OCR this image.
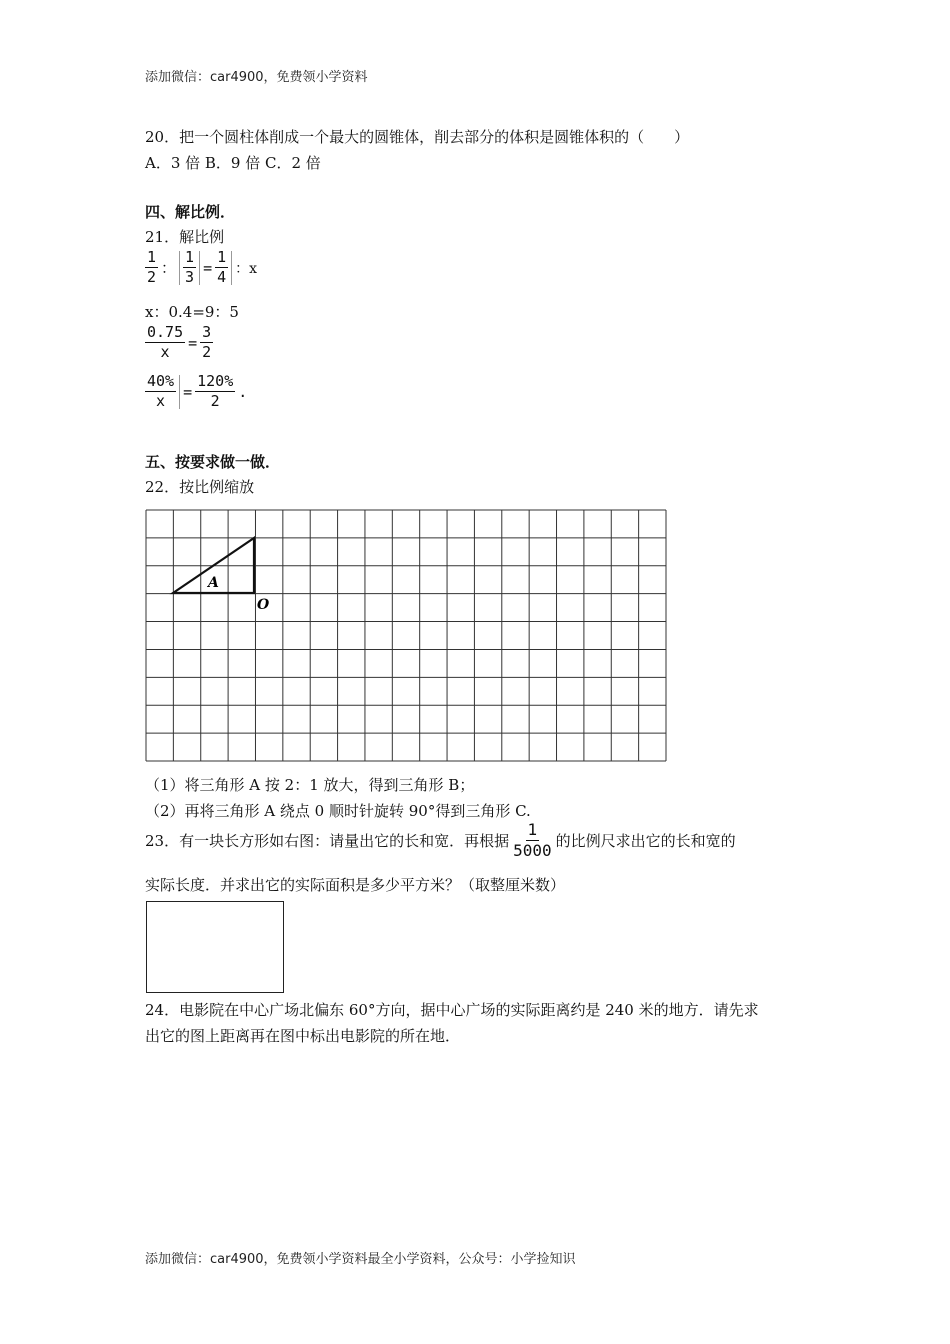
添加微信：car4900，免费领小学资料
20．把一个圆柱体削成一个最大的圆锥体，削去部分的体积是圆锥体积的（　　）
A．3 倍 B．9 倍 C．2 倍
四、解比例．
21．解比例
$\frac{1}{2}$ ： $\frac{1}{3} = \frac{1}{4}$ ：x
x：0.4=9：5
$\frac{0.75}{x} = \frac{3}{2}$
$\frac{40\%}{x} = \frac{120\%}{2}$ .
五、按要求做一做．
22．按比例缩放
A
O
（1）将三角形 A 按 2：1 放大，得到三角形 B；
（2）再将三角形 A 绕点 0 顺时针旋转 90°得到三角形 C.
23．有一块长方形如右图：请量出它的长和宽．再根据 $\frac{1}{5000}$ 的比例尺求出它的长和宽的
实际长度．并求出它的实际面积是多少平方米？（取整厘米数）
24．电影院在中心广场北偏东 60°方向，据中心广场的实际距离约是 240 米的地方．请先求
出它的图上距离再在图中标出电影院的所在地．
添加微信：car4900，免费领小学资料最全小学资料，公众号：小学捡知识
